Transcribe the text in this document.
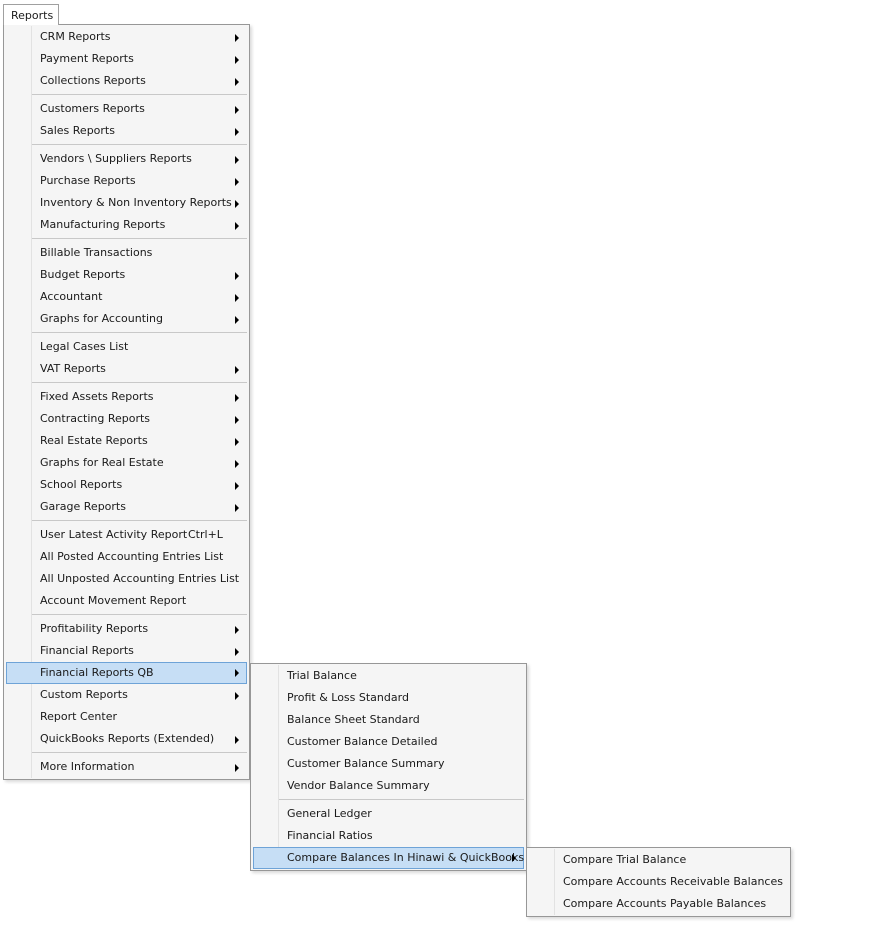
Reports
CRM Reports
Payment Reports
Collections Reports
Customers Reports
Sales Reports
Vendors \ Suppliers Reports
Purchase Reports
Inventory & Non Inventory Reports
Manufacturing Reports
Billable Transactions
Budget Reports
Accountant
Graphs for Accounting
Legal Cases List
VAT Reports
Fixed Assets Reports
Contracting Reports
Real Estate Reports
Graphs for Real Estate
School Reports
Garage Reports
User Latest Activity Report Ctrl+L
All Posted Accounting Entries List
All Unposted Accounting Entries List
Account Movement Report
Profitability Reports
Financial Reports
Financial Reports QB
Custom Reports
Report Center
QuickBooks Reports (Extended)
More Information
Trial Balance
Profit & Loss Standard
Balance Sheet Standard
Customer Balance Detailed
Customer Balance Summary
Vendor Balance Summary
General Ledger
Financial Ratios
Compare Balances In Hinawi & QuickBooks	Compare Trial Balance
Compare Accounts Receivable Balances
Compare Accounts Payable Balances
